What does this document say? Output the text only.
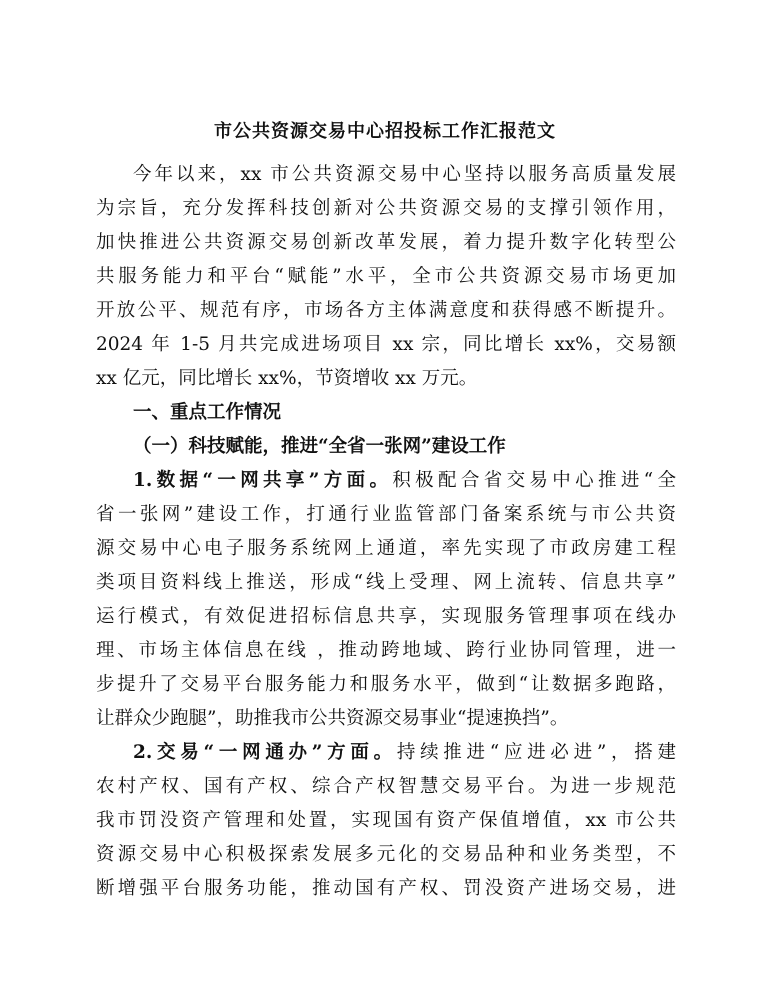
市公共资源交易中心招投标工作汇报范文
今年以来，xx 市公共资源交易中心坚持以服务高质量发展
为宗旨，充分发挥科技创新对公共资源交易的支撑引领作用，
加快推进公共资源交易创新改革发展，着力提升数字化转型公
共服务能力和平台“赋能”水平，全市公共资源交易市场更加
开放公平、规范有序，市场各方主体满意度和获得感不断提升。
2024 年 1-5 月共完成进场项目 xx 宗，同比增长 xx%，交易额
xx 亿元，同比增长 xx%，节资增收 xx 万元。
一、重点工作情况
（一）科技赋能，推进“全省一张网”建设工作
1.数据“一网共享”方面。积极配合省交易中心推进“全
省一张网”建设工作，打通行业监管部门备案系统与市公共资
源交易中心电子服务系统网上通道，率先实现了市政房建工程
类项目资料线上推送，形成“线上受理、网上流转、信息共享”
运行模式，有效促进招标信息共享，实现服务管理事项在线办
理、市场主体信息在线 ，推动跨地域、跨行业协同管理，进一
步提升了交易平台服务能力和服务水平，做到“让数据多跑路，
让群众少跑腿”，助推我市公共资源交易事业“提速换挡”。
2.交易“一网通办”方面。持续推进“应进必进”，搭建
农村产权、国有产权、综合产权智慧交易平台。为进一步规范
我市罚没资产管理和处置，实现国有资产保值增值，xx 市公共
资源交易中心积极探索发展多元化的交易品种和业务类型，不
断增强平台服务功能，推动国有产权、罚没资产进场交易，进
